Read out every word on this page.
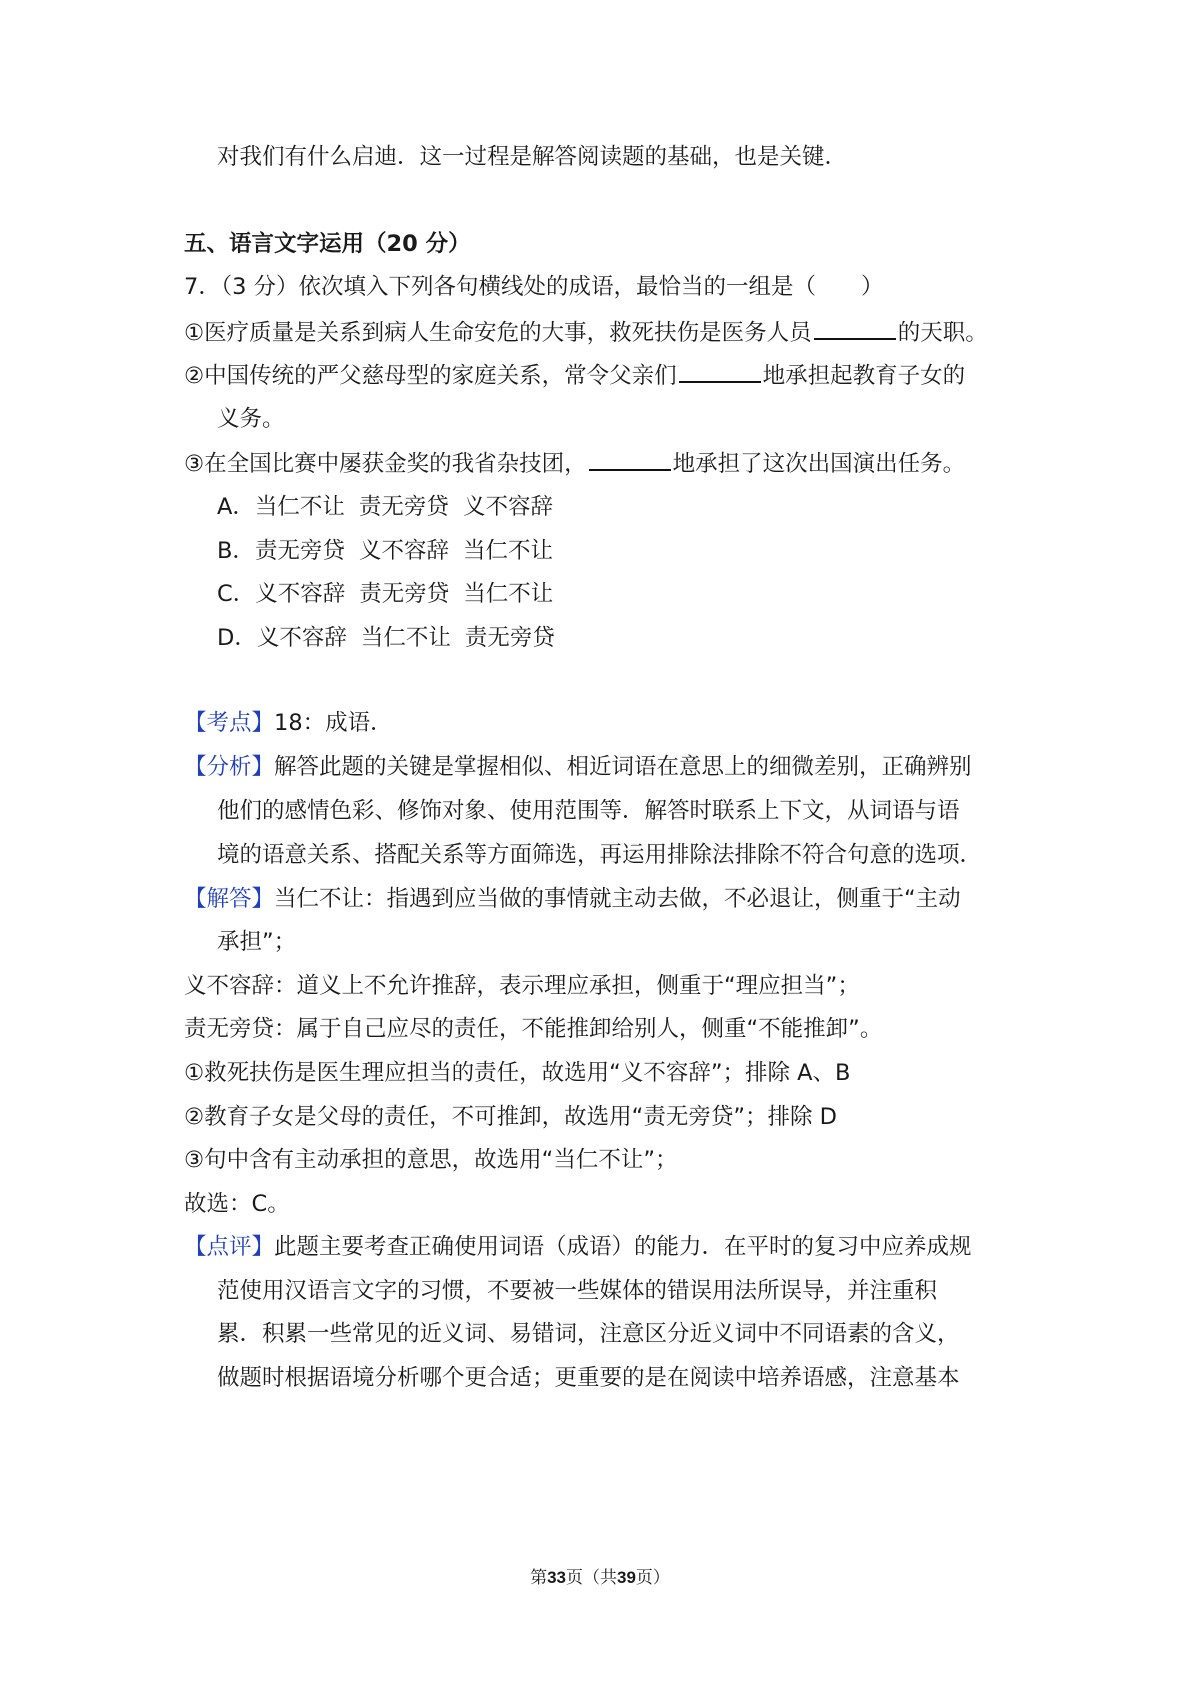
对我们有什么启迪．这一过程是解答阅读题的基础，也是关键．
五、语言文字运用（20 分）
7．（3 分）依次填入下列各句横线处的成语，最恰当的一组是（　　）
①医疗质量是关系到病人生命安危的大事，救死扶伤是医务人员	的天职。
②中国传统的严父慈母型的家庭关系，常令父亲们	地承担起教育子女的
义务。
③在全国比赛中屡获金奖的我省杂技团，	地承担了这次出国演出任务。
A．当仁不让 责无旁贷 义不容辞
B．责无旁贷 义不容辞 当仁不让
C．义不容辞 责无旁贷 当仁不让
D．义不容辞 当仁不让 责无旁贷
【考点】18：成语．
【分析】解答此题的关键是掌握相似、相近词语在意思上的细微差别，正确辨别
他们的感情色彩、修饰对象、使用范围等．解答时联系上下文，从词语与语
境的语意关系、搭配关系等方面筛选，再运用排除法排除不符合句意的选项．
【解答】当仁不让：指遇到应当做的事情就主动去做，不必退让，侧重于“主动
承担”；
义不容辞：道义上不允许推辞，表示理应承担，侧重于“理应担当”；
责无旁贷：属于自己应尽的责任，不能推卸给别人，侧重“不能推卸”。
①救死扶伤是医生理应担当的责任，故选用“义不容辞”；排除 A、B
②教育子女是父母的责任，不可推卸，故选用“责无旁贷”；排除 D
③句中含有主动承担的意思，故选用“当仁不让”；
故选：C。
【点评】此题主要考查正确使用词语（成语）的能力．在平时的复习中应养成规
范使用汉语言文字的习惯，不要被一些媒体的错误用法所误导，并注重积
累．积累一些常见的近义词、易错词，注意区分近义词中不同语素的含义，
做题时根据语境分析哪个更合适；更重要的是在阅读中培养语感，注意基本
第33页（共39页）
